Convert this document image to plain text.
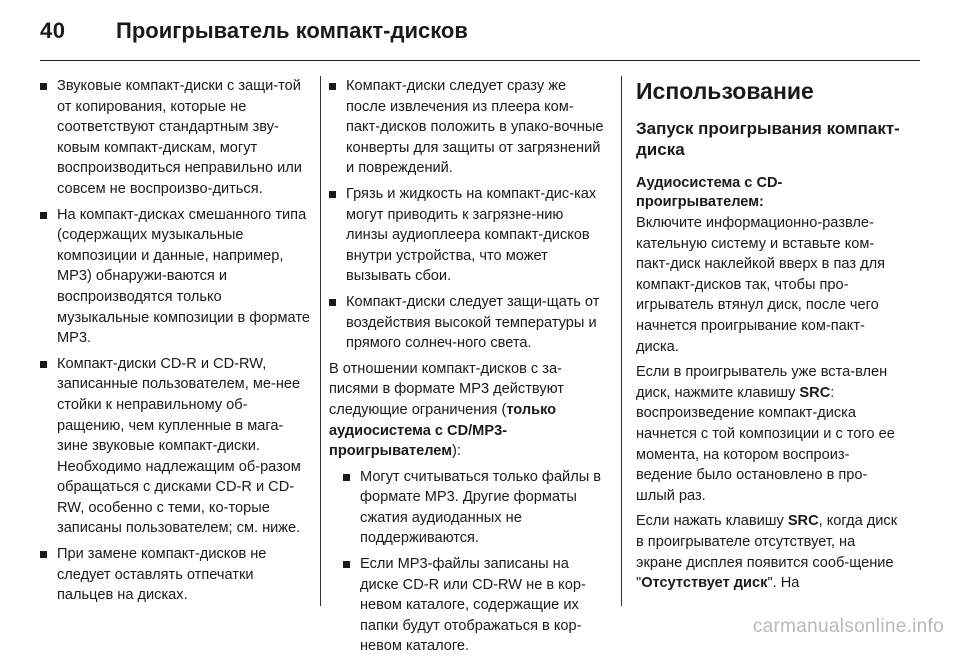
40 Проигрыватель компакт-дисков
Звуковые компакт-диски с защи-той от копирования, которые не соответствуют стандартным зву-ковым компакт-дискам, могут воспроизводиться неправильно или совсем не воспроизво-диться.
На компакт-дисках смешанного типа (содержащих музыкальные композиции и данные, например, MP3) обнаружи-ваются и воспроизводятся только музыкальные композиции в формате MP3.
Компакт-диски CD-R и CD-RW, записанные пользователем, ме-нее стойки к неправильному об-ращению, чем купленные в мага-зине звуковые компакт-диски. Необходимо надлежащим об-разом обращаться с дисками CD-R и CD-RW, особенно с теми, ко-торые записаны пользователем; см. ниже.
При замене компакт-дисков не следует оставлять отпечатки пальцев на дисках.
Компакт-диски следует сразу же после извлечения из плеера ком-пакт-дисков положить в упако-вочные конверты для защиты от загрязнений и повреждений.
Грязь и жидкость на компакт-дис-ках могут приводить к загрязне-нию линзы аудиоплеера компакт-дисков внутри устройства, что может вызывать сбои.
Компакт-диски следует защи-щать от воздействия высокой температуры и прямого солнеч-ного света.

В отношении компакт-дисков с за-писями в формате MP3 действуют следующие ограничения (только аудиосистема с CD/MP3-проигрывателем):

Могут считываться только файлы в формате MP3. Другие форматы сжатия аудиоданных не поддерживаются.
Если MP3-файлы записаны на диске CD-R или CD-RW не в кор-невом каталоге, содержащие их папки будут отображаться в кор-невом каталоге.
Использование
Запуск проигрывания компакт-диска
Аудиосистема с CD-проигрывателем:

Включите информационно-развле-кательную систему и вставьте ком-пакт-диск наклейкой вверх в паз для компакт-дисков так, чтобы про-игрыватель втянул диск, после чего начнется проигрывание ком-пакт-диска.

Если в проигрыватель уже вста-влен диск, нажмите клавишу SRC: воспроизведение компакт-диска начнется с той композиции и с того ее момента, на котором воспроиз-ведение было остановлено в про-шлый раз.

Если нажать клавишу SRC, когда диск в проигрывателе отсутствует, на экране дисплея появится сооб-щение "Отсутствует диск". На

carmanualsonline.info
